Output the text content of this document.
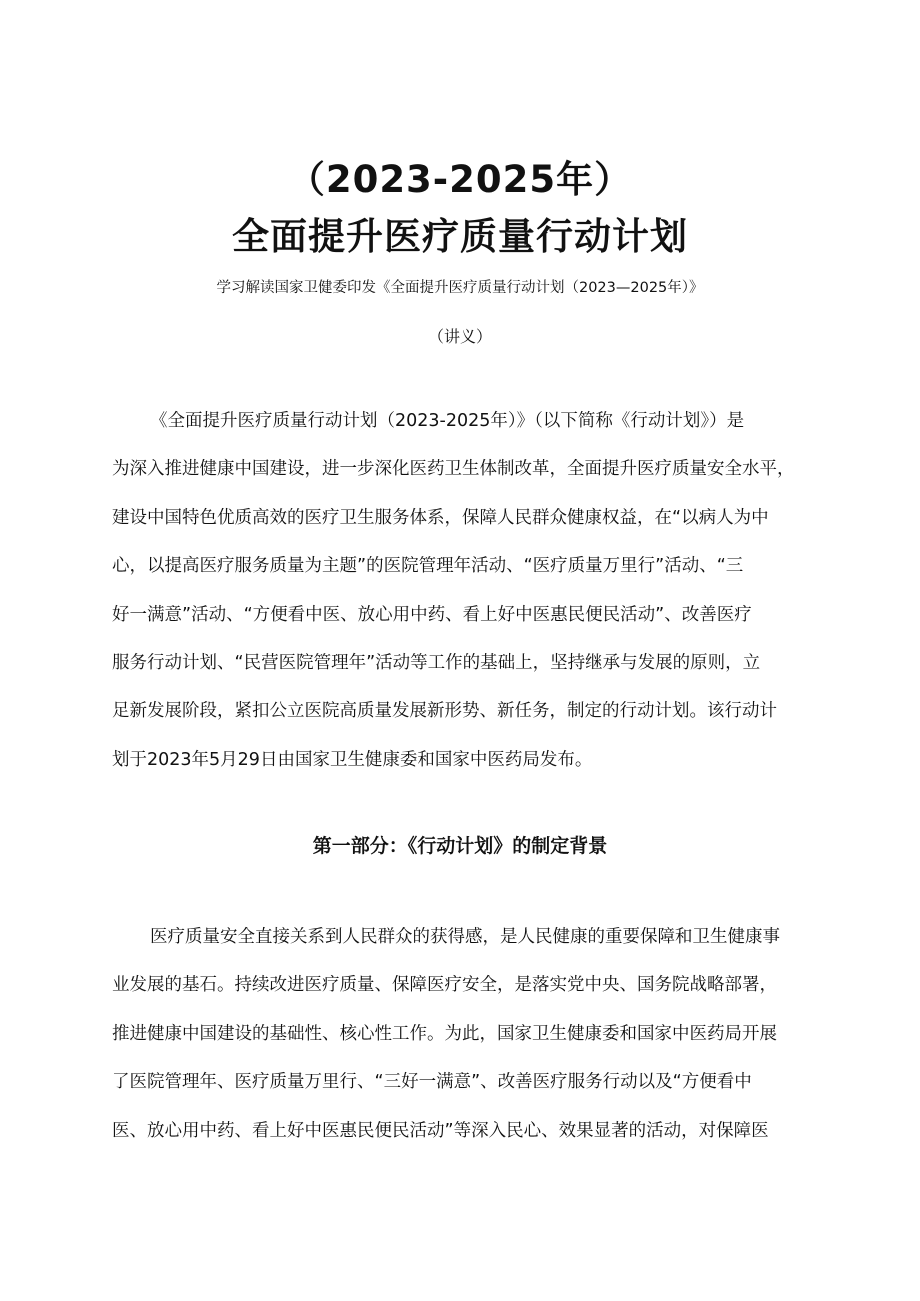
（2023-2025年）
全面提升医疗质量行动计划
学习解读国家卫健委印发《全面提升医疗质量行动计划（2023—2025年）》
（讲义）
《全面提升医疗质量行动计划（2023-2025年）》（以下简称《行动计划》）是
为深入推进健康中国建设，进一步深化医药卫生体制改革，全面提升医疗质量安全水平，
建设中国特色优质高效的医疗卫生服务体系，保障人民群众健康权益，在“以病人为中
心，以提高医疗服务质量为主题”的医院管理年活动、“医疗质量万里行”活动、“三
好一满意”活动、“方便看中医、放心用中药、看上好中医惠民便民活动”、改善医疗
服务行动计划、“民营医院管理年”活动等工作的基础上，坚持继承与发展的原则，立
足新发展阶段，紧扣公立医院高质量发展新形势、新任务，制定的行动计划。该行动计
划于2023年5月29日由国家卫生健康委和国家中医药局发布。
第一部分：《行动计划》的制定背景
医疗质量安全直接关系到人民群众的获得感，是人民健康的重要保障和卫生健康事
业发展的基石。持续改进医疗质量、保障医疗安全，是落实党中央、国务院战略部署，
推进健康中国建设的基础性、核心性工作。为此，国家卫生健康委和国家中医药局开展
了医院管理年、医疗质量万里行、“三好一满意”、改善医疗服务行动以及“方便看中
医、放心用中药、看上好中医惠民便民活动”等深入民心、效果显著的活动，对保障医
